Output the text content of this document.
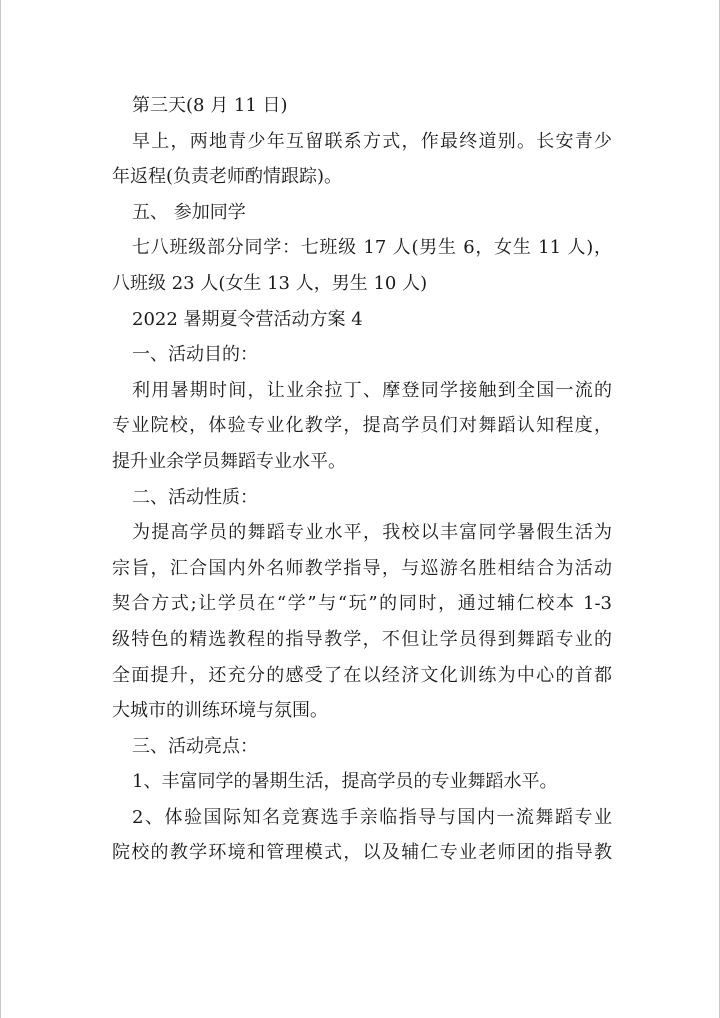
第三天(8 月 11 日)
早上，两地青少年互留联系方式，作最终道别。长安青少
年返程(负责老师酌情跟踪)。
五、 参加同学
七八班级部分同学：七班级 17 人(男生 6，女生 11 人)，
八班级 23 人(女生 13 人，男生 10 人)
2022 暑期夏令营活动方案 4
一、活动目的：
利用暑期时间，让业余拉丁、摩登同学接触到全国一流的
专业院校，体验专业化教学，提高学员们对舞蹈认知程度，
提升业余学员舞蹈专业水平。
二、活动性质：
为提高学员的舞蹈专业水平，我校以丰富同学暑假生活为
宗旨，汇合国内外名师教学指导，与巡游名胜相结合为活动
契合方式;让学员在“学”与“玩”的同时，通过辅仁校本 1-3
级特色的精选教程的指导教学，不但让学员得到舞蹈专业的
全面提升，还充分的感受了在以经济文化训练为中心的首都
大城市的训练环境与氛围。
三、活动亮点：
1、丰富同学的暑期生活，提高学员的专业舞蹈水平。
2、体验国际知名竞赛选手亲临指导与国内一流舞蹈专业
院校的教学环境和管理模式，以及辅仁专业老师团的指导教
